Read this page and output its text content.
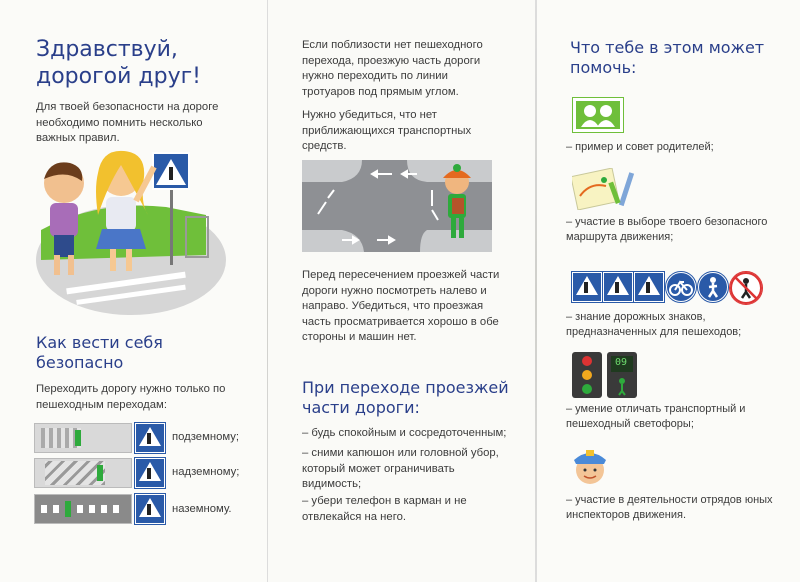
Здравствуй,
дорогой друг!

Для твоей безопасности на дороге необходимо помнить несколько важных правил.

Как вести себя
безопасно

Переходить дорогу нужно только по пешеходным переходам:

подземному;
надземному;
наземному.

Если поблизости нет пешеходного перехода, проезжую часть дороги нужно переходить по линии тротуаров под прямым углом.

Нужно убедиться, что нет приближающихся транспортных средств.

Перед пересечением проезжей части дороги нужно посмотреть налево и направо. Убедиться, что проезжая часть просматривается хорошо в обе стороны и машин нет.

При переходе проезжей
части дороги:

– будь спокойным и сосредоточенным;

– сними капюшон или головной убор, который может ограничивать видимость;

– убери телефон в карман и не отвлекайся на него.

Что тебе в этом может
помочь:
– пример и совет родителей;
– участие в выборе твоего безопасного маршрута движения;
– знание дорожных знаков, предназначенных для пешеходов;
09
– умение отличать транспортный и пешеходный светофоры;
– участие в деятельности отрядов юных инспекторов движения.
